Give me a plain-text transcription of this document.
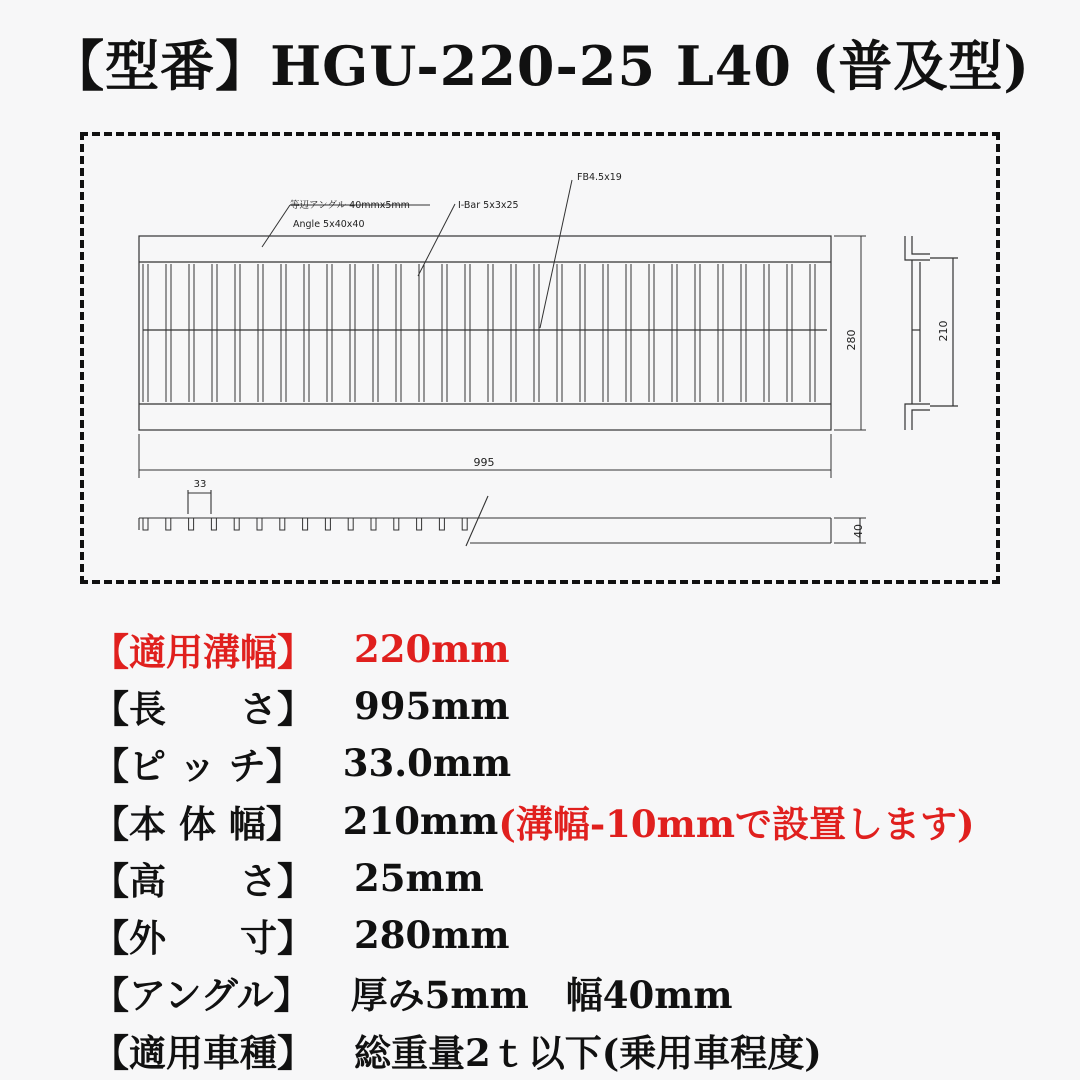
【型番】HGU-220-25 L40 (普及型)
等辺アングル 40mmx5mm
Angle 5x40x40
I-Bar 5x3x25
FB4.5x19
280	210
995
33
40
【適用溝幅】 220mm
【長　　さ】 995mm
【ピ ッ チ】 33.0mm
【本 体 幅】 210mm (溝幅-10mmで設置します)
【高　　さ】 25mm
【外　　寸】 280mm
【アングル】 厚み5mm　幅40mm
【適用車種】 総重量2ｔ以下(乗用車程度)
